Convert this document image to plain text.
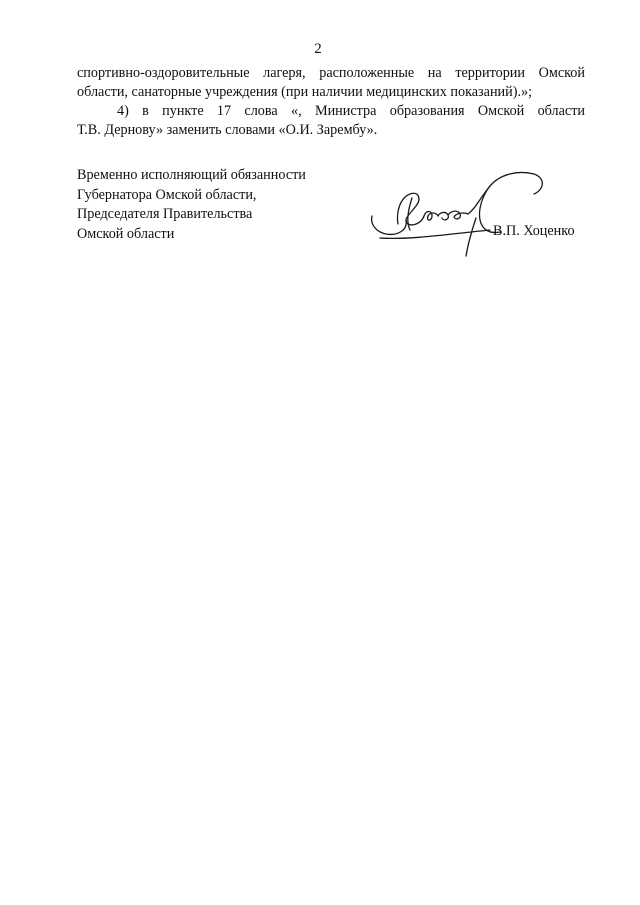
2

спортивно-оздоровительные лагеря, расположенные на территории Омской
области, санаторные учреждения (при наличии медицинских показаний).»;

4) в пункте 17 слова «, Министра образования Омской области
Т.В. Дернову» заменить словами «О.И. Зарембу».

Временно исполняющий обязанности
Губернатора Омской области,
Председателя Правительства
Омской области	В.П. Хоценко
